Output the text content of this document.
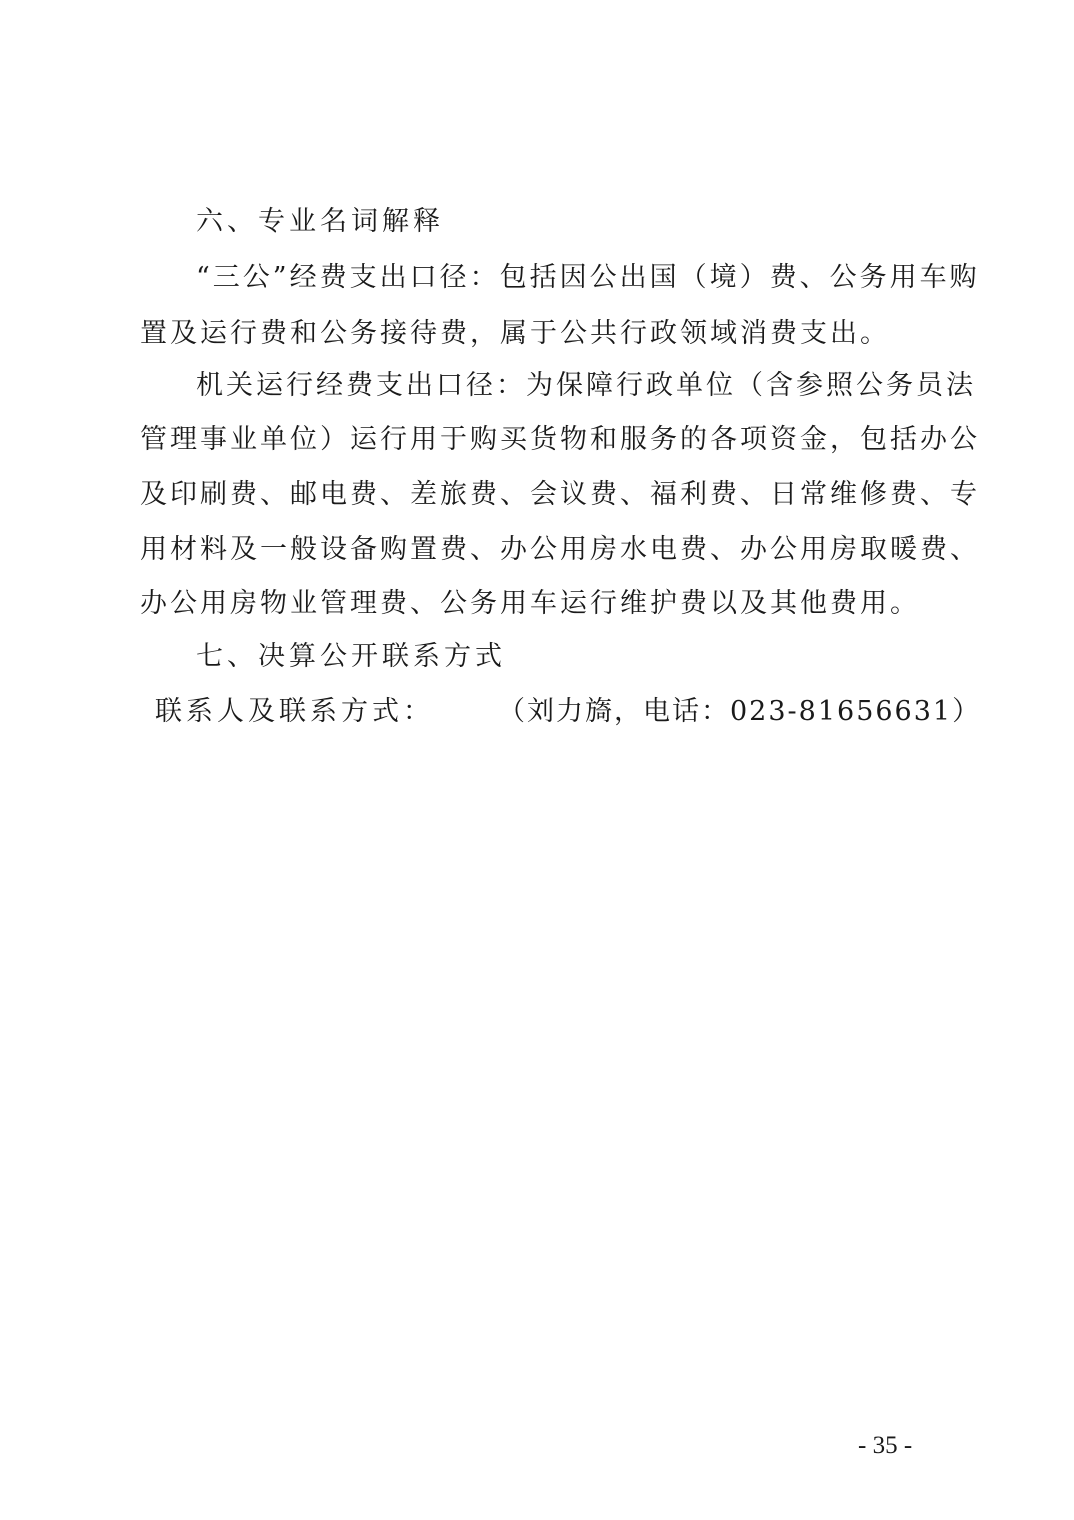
六、专业名词解释
“三公”经费支出口径：包括因公出国（境）费、公务用车购
置及运行费和公务接待费，属于公共行政领域消费支出。
机关运行经费支出口径：为保障行政单位（含参照公务员法
管理事业单位）运行用于购买货物和服务的各项资金，包括办公
及印刷费、邮电费、差旅费、会议费、福利费、日常维修费、专
用材料及一般设备购置费、办公用房水电费、办公用房取暖费、
办公用房物业管理费、公务用车运行维护费以及其他费用。
七、决算公开联系方式
联系人及联系方式： （刘力旖，电话：023-81656631）
- 35 -
